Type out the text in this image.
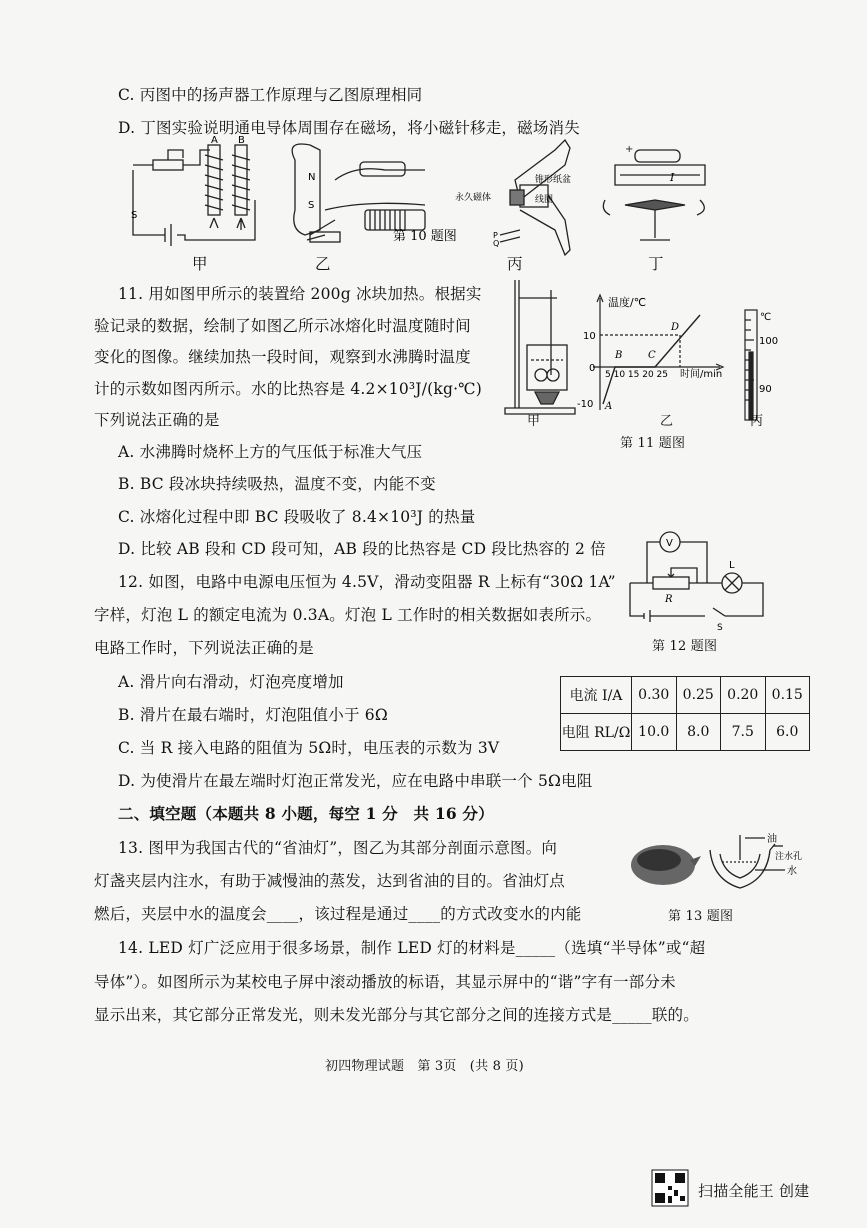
C. 丙图中的扬声器工作原理与乙图原理相同
D. 丁图实验说明通电导体周围存在磁场，将小磁针移走，磁场消失
S
A B
N
S
第 10 题图
永久磁体
锥形纸盆
线圈
P
Q
+
I
甲	乙	丙	丁
11. 用如图甲所示的装置给 200g 冰块加热。根据实
验记录的数据，绘制了如图乙所示冰熔化时温度随时间
变化的图像。继续加热一段时间，观察到水沸腾时温度
计的示数如图丙所示。水的比热容是 4.2×10³J/(kg·℃)
下列说法正确的是
温度/℃
10
0
-10
5 10 15 20 25 时间/min
A
B	C
D
℃
100
90
甲	乙	丙
第 11 题图
A. 水沸腾时烧杯上方的气压低于标准大气压
B. BC 段冰块持续吸热，温度不变，内能不变
C. 冰熔化过程中即 BC 段吸收了 8.4×10³J 的热量
D. 比较 AB 段和 CD 段可知，AB 段的比热容是 CD 段比热容的 2 倍
12. 如图，电路中电源电压恒为 4.5V，滑动变阻器 R 上标有“30Ω 1A”
字样，灯泡 L 的额定电流为 0.3A。灯泡 L 工作时的相关数据如表所示。
电路工作时，下列说法正确的是
V
R
L
S
第 12 题图
A. 滑片向右滑动，灯泡亮度增加
B. 滑片在最右端时，灯泡阻值小于 6Ω
C. 当 R 接入电路的阻值为 5Ω时，电压表的示数为 3V
D. 为使滑片在最左端时灯泡正常发光，应在电路中串联一个 5Ω电阻
电流 I/A	0.30	0.25	0.20	0.15
电阻 RL/Ω	10.0	8.0	7.5	6.0
二、填空题（本题共 8 小题，每空 1 分　共 16 分）
13. 图甲为我国古代的“省油灯”，图乙为其部分剖面示意图。向
灯盏夹层内注水，有助于减慢油的蒸发，达到省油的目的。省油灯点
燃后，夹层中水的温度会____，该过程是通过____的方式改变水的内能
油
注水孔
水
第 13 题图
14. LED 灯广泛应用于很多场景，制作 LED 灯的材料是_____（选填“半导体”或“超
导体”）。如图所示为某校电子屏中滚动播放的标语，其显示屏中的“谐”字有一部分未
显示出来，其它部分正常发光，则未发光部分与其它部分之间的连接方式是_____联的。
初四物理试题　第 3页　(共 8 页)
扫描全能王 创建
